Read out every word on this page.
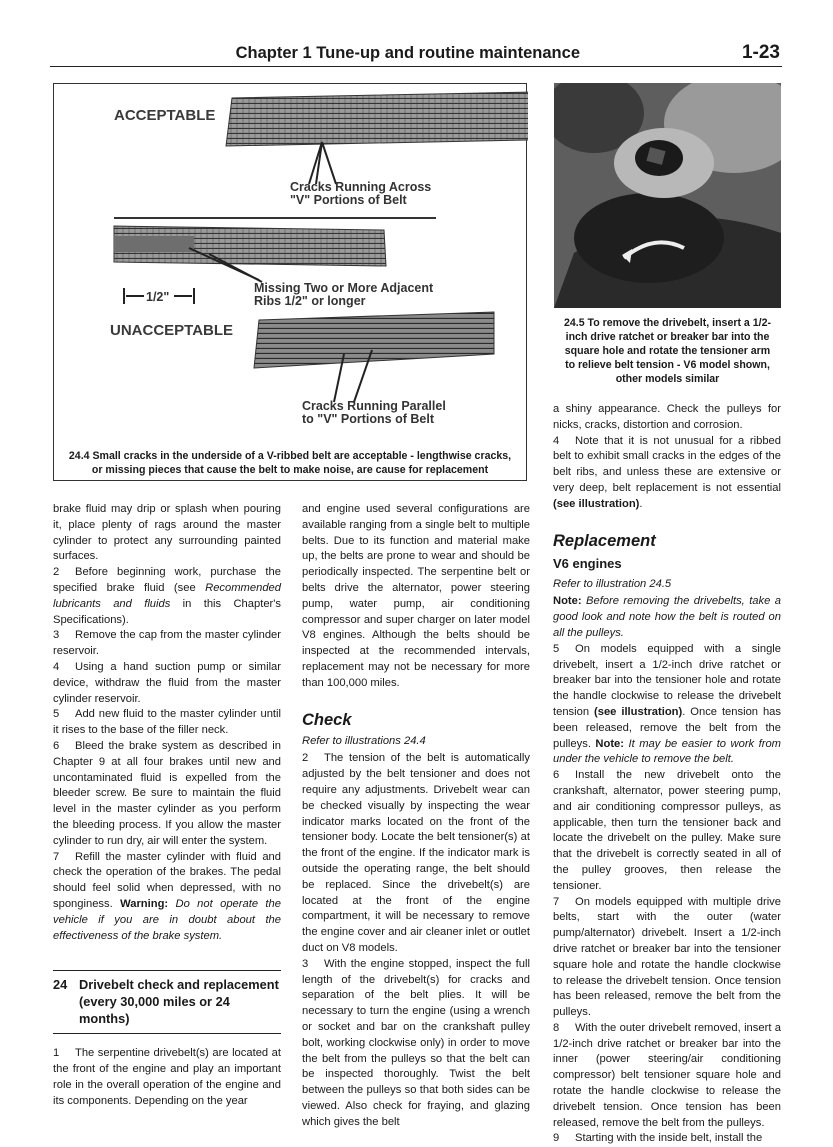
Chapter 1 Tune-up and routine maintenance	1-23
ACCEPTABLE
Cracks Running Across
"V" Portions of Belt
Missing Two or More Adjacent
Ribs 1/2" or longer
1/2"
UNACCEPTABLE
Cracks Running Parallel
to "V" Portions of Belt
24.4 Small cracks in the underside of a V-ribbed belt are acceptable - lengthwise cracks,
or missing pieces that cause the belt to make noise, are cause for replacement
24.5 To remove the drivebelt, insert a 1/2-
inch drive ratchet or breaker bar into the
square hole and rotate the tensioner arm
to relieve belt tension - V6 model shown,
other models similar

brake fluid may drip or splash when pouring it, place plenty of rags around the master cylinder to protect any surrounding painted surfaces.

2 Before beginning work, purchase the specified brake fluid (see Recommended lubricants and fluids in this Chapter's Specifications).

3 Remove the cap from the master cylinder reservoir.

4 Using a hand suction pump or similar device, withdraw the fluid from the master cylinder reservoir.

5 Add new fluid to the master cylinder until it rises to the base of the filler neck.

6 Bleed the brake system as described in Chapter 9 at all four brakes until new and uncontaminated fluid is expelled from the bleeder screw. Be sure to maintain the fluid level in the master cylinder as you perform the bleeding process. If you allow the master cylinder to run dry, air will enter the system.

7 Refill the master cylinder with fluid and check the operation of the brakes. The pedal should feel solid when depressed, with no sponginess. Warning: Do not operate the vehicle if you are in doubt about the effectiveness of the brake system.

24 Drivebelt check and replacement
(every 30,000 miles or 24 months)

1 The serpentine drivebelt(s) are located at the front of the engine and play an important role in the overall operation of the engine and its components. Depending on the year

and engine used several configurations are available ranging from a single belt to multiple belts. Due to its function and material make up, the belts are prone to wear and should be periodically inspected. The serpentine belt or belts drive the alternator, power steering pump, water pump, air conditioning compressor and super charger on later model V8 engines. Although the belts should be inspected at the recommended intervals, replacement may not be necessary for more than 100,000 miles.

Check
Refer to illustrations 24.4

2 The tension of the belt is automatically adjusted by the belt tensioner and does not require any adjustments. Drivebelt wear can be checked visually by inspecting the wear indicator marks located on the front of the tensioner body. Locate the belt tensioner(s) at the front of the engine. If the indicator mark is outside the operating range, the belt should be replaced. Since the drivebelt(s) are located at the front of the engine compartment, it will be necessary to remove the engine cover and air cleaner inlet or outlet duct on V8 models.

3 With the engine stopped, inspect the full length of the drivebelt(s) for cracks and separation of the belt plies. It will be necessary to turn the engine (using a wrench or socket and bar on the crankshaft pulley bolt, working clockwise only) in order to move the belt from the pulleys so that the belt can be inspected thoroughly. Twist the belt between the pulleys so that both sides can be viewed. Also check for fraying, and glazing which gives the belt

a shiny appearance. Check the pulleys for nicks, cracks, distortion and corrosion.

4 Note that it is not unusual for a ribbed belt to exhibit small cracks in the edges of the belt ribs, and unless these are extensive or very deep, belt replacement is not essential (see illustration).

Replacement
V6 engines
Refer to illustration 24.5

Note: Before removing the drivebelts, take a good look and note how the belt is routed on all the pulleys.

5 On models equipped with a single drivebelt, insert a 1/2-inch drive ratchet or breaker bar into the tensioner hole and rotate the handle clockwise to release the drivebelt tension (see illustration). Once tension has been released, remove the belt from the pulleys. Note: It may be easier to work from under the vehicle to remove the belt.

6 Install the new drivebelt onto the crankshaft, alternator, power steering pump, and air conditioning compressor pulleys, as applicable, then turn the tensioner back and locate the drivebelt on the pulley. Make sure that the drivebelt is correctly seated in all of the pulley grooves, then release the tensioner.

7 On models equipped with multiple drive belts, start with the outer (water pump/alternator) drivebelt. Insert a 1/2-inch drive ratchet or breaker bar into the tensioner square hole and rotate the handle clockwise to release the drivebelt tension. Once tension has been released, remove the belt from the pulleys.

8 With the outer drivebelt removed, insert a 1/2-inch drive ratchet or breaker bar into the inner (power steering/air conditioning compressor) belt tensioner square hole and rotate the handle clockwise to release the drivebelt tension. Once tension has been released, remove the belt from the pulleys.

9 Starting with the inside belt, install the
